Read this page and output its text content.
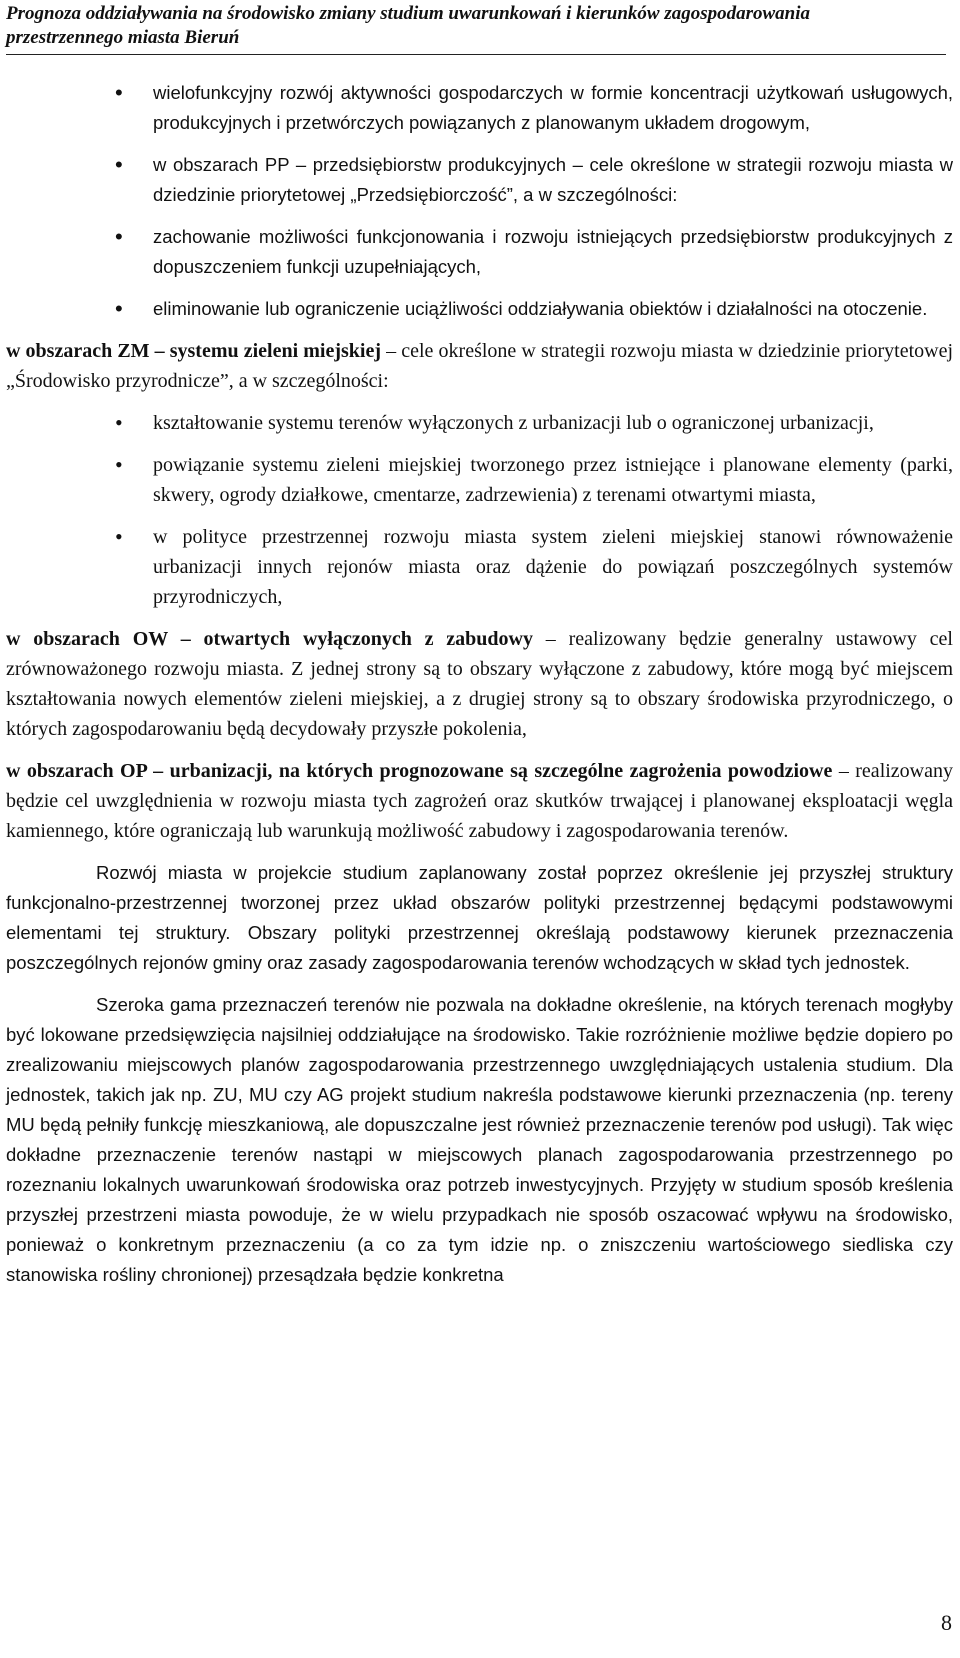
Prognoza oddziaływania na środowisko zmiany studium uwarunkowań i kierunków zagospodarowania
przestrzennego miasta Bieruń
• wielofunkcyjny rozwój aktywności gospodarczych w formie koncentracji użytkowań usługowych, produkcyjnych i przetwórczych powiązanych z planowanym układem drogowym,
• w obszarach PP – przedsiębiorstw produkcyjnych – cele określone w strategii rozwoju miasta w dziedzinie priorytetowej „Przedsiębiorczość”, a w szczególności:
• zachowanie możliwości funkcjonowania i rozwoju istniejących przedsiębiorstw produkcyjnych z dopuszczeniem funkcji uzupełniających,
• eliminowanie lub ograniczenie uciążliwości oddziaływania obiektów i działalności na otoczenie.

w obszarach ZM – systemu zieleni miejskiej – cele określone w strategii rozwoju miasta w dziedzinie priorytetowej „Środowisko przyrodnicze”, a w szczególności:

• kształtowanie systemu terenów wyłączonych z urbanizacji lub o ograniczonej urbanizacji,
• powiązanie systemu zieleni miejskiej tworzonego przez istniejące i planowane elementy (parki, skwery, ogrody działkowe, cmentarze, zadrzewienia) z terenami otwartymi miasta,
• w polityce przestrzennej rozwoju miasta system zieleni miejskiej stanowi równoważenie urbanizacji innych rejonów miasta oraz dążenie do powiązań poszczególnych systemów przyrodniczych,

w obszarach OW – otwartych wyłączonych z zabudowy – realizowany będzie generalny ustawowy cel zrównoważonego rozwoju miasta. Z jednej strony są to obszary wyłączone z zabudowy, które mogą być miejscem kształtowania nowych elementów zieleni miejskiej, a z drugiej strony są to obszary środowiska przyrodniczego, o których zagospodarowaniu będą decydowały przyszłe pokolenia,

w obszarach OP – urbanizacji, na których prognozowane są szczególne zagrożenia powodziowe – realizowany będzie cel uwzględnienia w rozwoju miasta tych zagrożeń oraz skutków trwającej i planowanej eksploatacji węgla kamiennego, które ograniczają lub warunkują możliwość zabudowy i zagospodarowania terenów.

Rozwój miasta w projekcie studium zaplanowany został poprzez określenie jej przyszłej struktury funkcjonalno-przestrzennej tworzonej przez układ obszarów polityki przestrzennej będącymi podstawowymi elementami tej struktury. Obszary polityki przestrzennej określają podstawowy kierunek przeznaczenia poszczególnych rejonów gminy oraz zasady zagospodarowania terenów wchodzących w skład tych jednostek.

Szeroka gama przeznaczeń terenów nie pozwala na dokładne określenie, na których terenach mogłyby być lokowane przedsięwzięcia najsilniej oddziałujące na środowisko. Takie rozróżnienie możliwe będzie dopiero po zrealizowaniu miejscowych planów zagospodarowania przestrzennego uwzględniających ustalenia studium. Dla jednostek, takich jak np. ZU, MU czy AG projekt studium nakreśla podstawowe kierunki przeznaczenia (np. tereny MU będą pełniły funkcję mieszkaniową, ale dopuszczalne jest również przeznaczenie terenów pod usługi). Tak więc dokładne przeznaczenie terenów nastąpi w miejscowych planach zagospodarowania przestrzennego po rozeznaniu lokalnych uwarunkowań środowiska oraz potrzeb inwestycyjnych. Przyjęty w studium sposób kreślenia przyszłej przestrzeni miasta powoduje, że w wielu przypadkach nie sposób oszacować wpływu na środowisko, ponieważ o konkretnym przeznaczeniu (a co za tym idzie np. o zniszczeniu wartościowego siedliska czy stanowiska rośliny chronionej) przesądzała będzie konkretna

8
